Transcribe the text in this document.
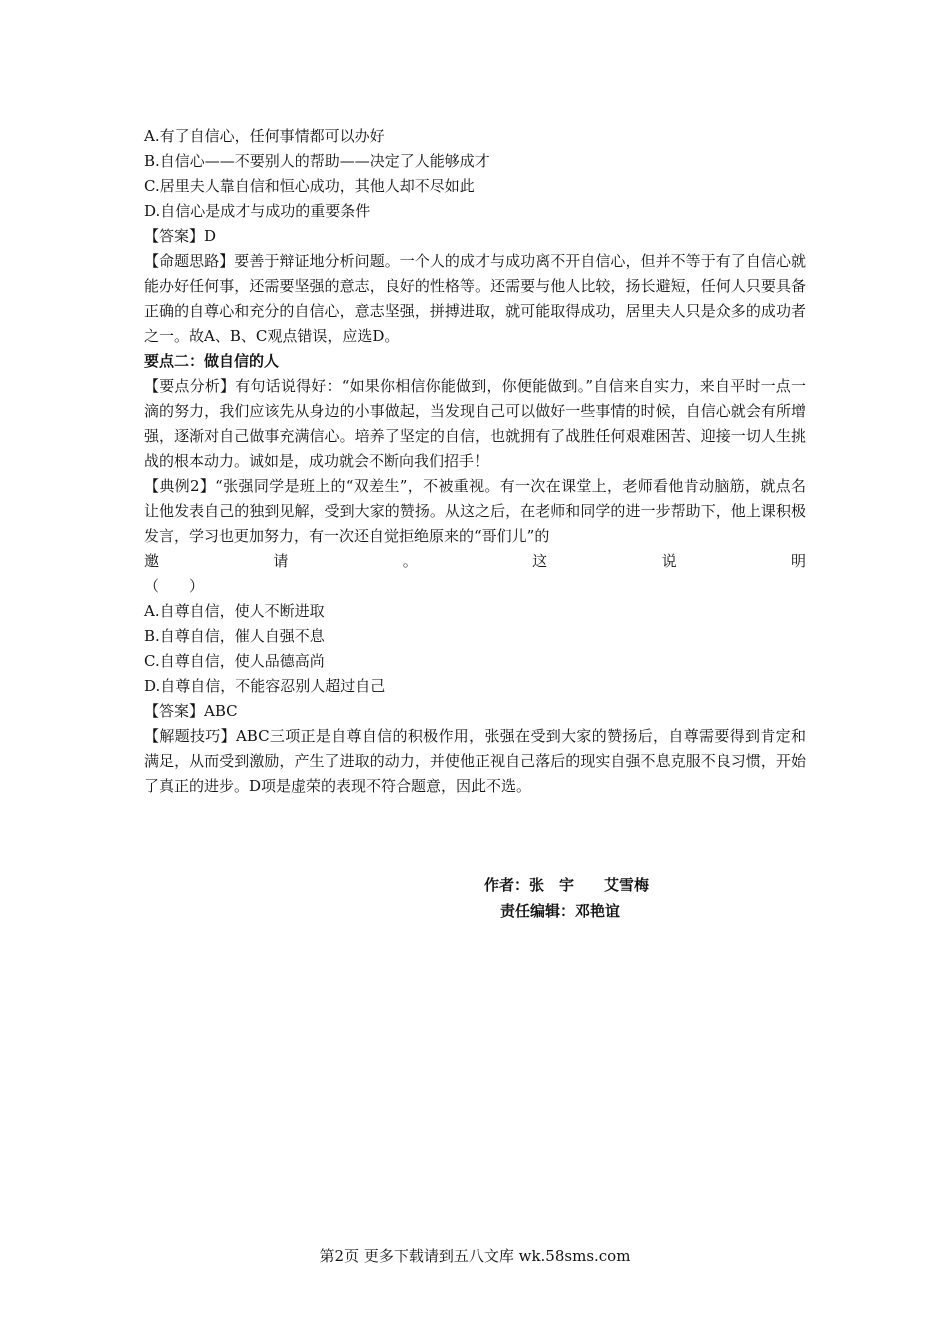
A.有了自信心，任何事情都可以办好
B.自信心——不要别人的帮助——决定了人能够成才
C.居里夫人靠自信和恒心成功，其他人却不尽如此
D.自信心是成才与成功的重要条件
【答案】D
【命题思路】要善于辩证地分析问题。一个人的成才与成功离不开自信心，但并不等于有了自信心就能办好任何事，还需要坚强的意志，良好的性格等。还需要与他人比较，扬长避短，任何人只要具备正确的自尊心和充分的自信心，意志坚强，拼搏进取，就可能取得成功，居里夫人只是众多的成功者之一。故A、B、C观点错误，应选D。
要点二：做自信的人
【要点分析】有句话说得好：“如果你相信你能做到，你便能做到。”自信来自实力，来自平时一点一滴的努力，我们应该先从身边的小事做起，当发现自己可以做好一些事情的时候，自信心就会有所增强，逐渐对自己做事充满信心。培养了坚定的自信，也就拥有了战胜任何艰难困苦、迎接一切人生挑战的根本动力。诚如是，成功就会不断向我们招手！
【典例2】“张强同学是班上的“双差生”，不被重视。有一次在课堂上，老师看他肯动脑筋，就点名让他发表自己的独到见解，受到大家的赞扬。从这之后，在老师和同学的进一步帮助下，他上课积极发言，学习也更加努力，有一次还自觉拒绝原来的“哥们儿”的
邀	请	。	这	说	明
（　　）
A.自尊自信，使人不断进取
B.自尊自信，催人自强不息
C.自尊自信，使人品德高尚
D.自尊自信，不能容忍别人超过自己
【答案】ABC
【解题技巧】ABC三项正是自尊自信的积极作用，张强在受到大家的赞扬后，自尊需要得到肯定和满足，从而受到激励，产生了进取的动力，并使他正视自己落后的现实自强不息克服不良习惯，开始了真正的进步。D项是虚荣的表现不符合题意，因此不选。
作者：张　宇　　艾雪梅
责任编辑：邓艳谊
第2页 更多下载请到五八文库 wk.58sms.com
